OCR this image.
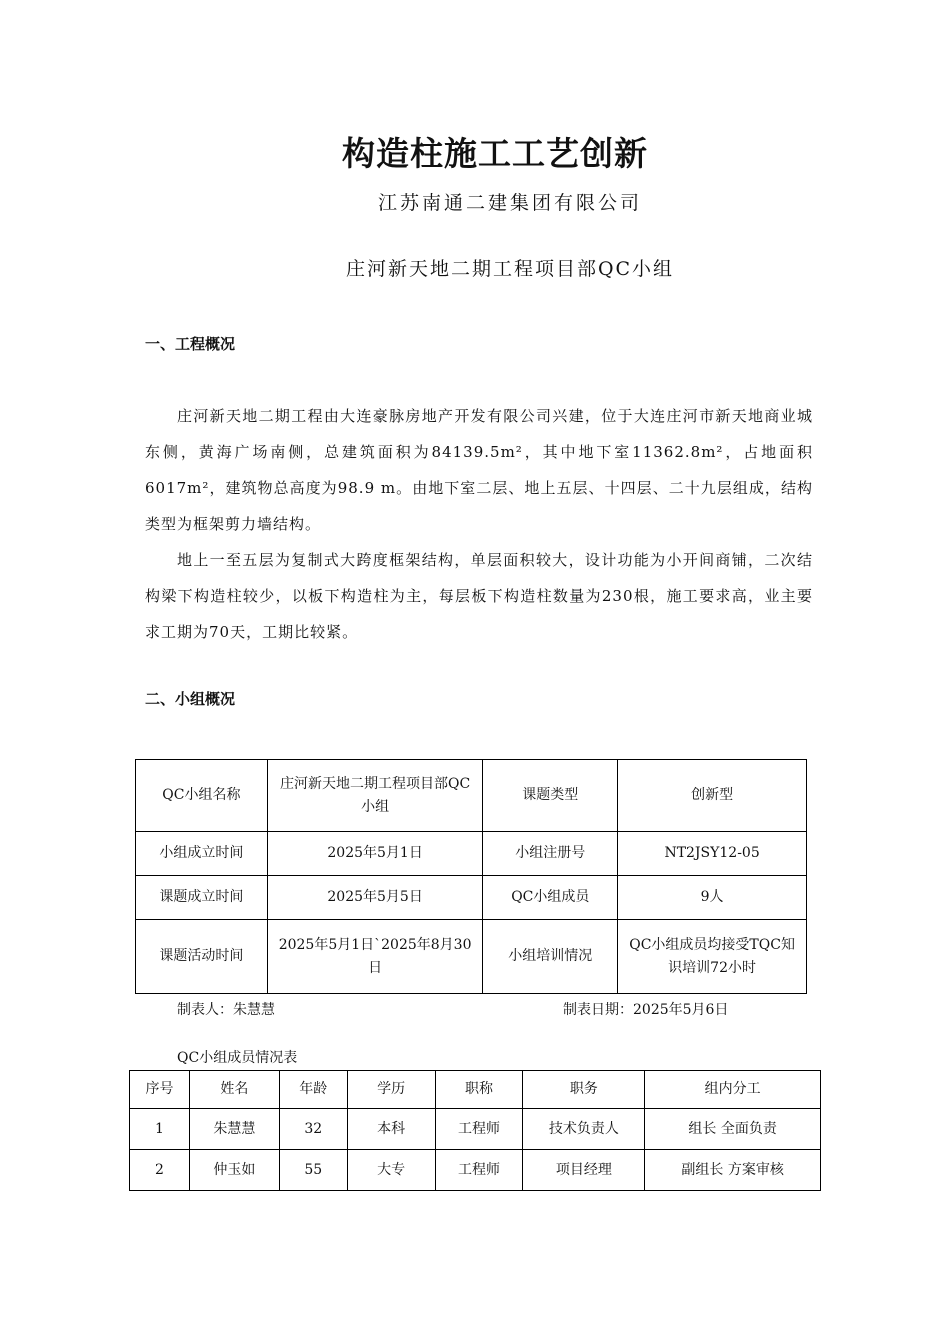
构造柱施工工艺创新
江苏南通二建集团有限公司
庄河新天地二期工程项目部QC小组
一、工程概况

庄河新天地二期工程由大连豪脉房地产开发有限公司兴建，位于大连庄河市新天地商业城东侧，黄海广场南侧，总建筑面积为84139.5m²，其中地下室11362.8m²，占地面积6017m²，建筑物总高度为98.9 m。由地下室二层、地上五层、十四层、二十九层组成，结构类型为框架剪力墙结构。

地上一至五层为复制式大跨度框架结构，单层面积较大，设计功能为小开间商铺，二次结构梁下构造柱较少，以板下构造柱为主，每层板下构造柱数量为230根，施工要求高，业主要求工期为70天，工期比较紧。

二、小组概况
QC小组名称	庄河新天地二期工程项目部QC小组	课题类型	创新型
小组成立时间	2025年5月1日	小组注册号	NT2JSY12-05
课题成立时间	2025年5月5日	QC小组成员	9人
课题活动时间	2025年5月1日`2025年8月30日	小组培训情况	QC小组成员均接受TQC知识培训72小时
制表人：朱慧慧	制表日期：2025年5月6日
QC小组成员情况表
序号	姓名	年龄	学历	职称	职务	组内分工
1	朱慧慧	32	本科	工程师	技术负责人	组长 全面负责
2	仲玉如	55	大专	工程师	项目经理	副组长 方案审核
